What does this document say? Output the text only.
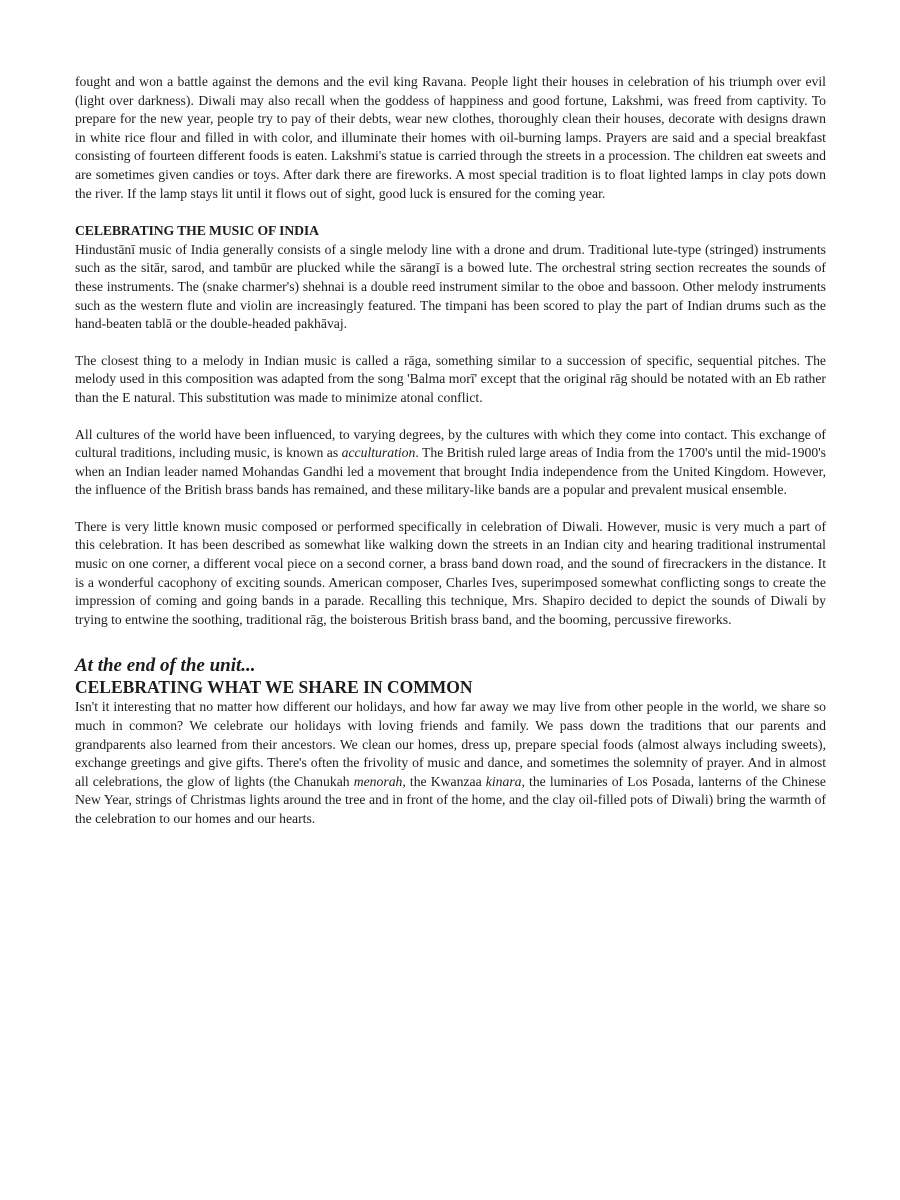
fought and won a battle against the demons and the evil king Ravana. People light their houses in celebration of his triumph over evil (light over darkness). Diwali may also recall when the goddess of happiness and good fortune, Lakshmi, was freed from captivity. To prepare for the new year, people try to pay of their debts, wear new clothes, thoroughly clean their houses, decorate with designs drawn in white rice flour and filled in with color, and illuminate their homes with oil-burning lamps. Prayers are said and a special breakfast consisting of fourteen different foods is eaten. Lakshmi's statue is carried through the streets in a procession. The children eat sweets and are sometimes given candies or toys. After dark there are fireworks. A most special tradition is to float lighted lamps in clay pots down the river. If the lamp stays lit until it flows out of sight, good luck is ensured for the coming year.

CELEBRATING THE MUSIC OF INDIA

Hindustānī music of India generally consists of a single melody line with a drone and drum. Traditional lute-type (stringed) instruments such as the sitār, sarod, and tambūr are plucked while the sārangī is a bowed lute. The orchestral string section recreates the sounds of these instruments. The (snake charmer's) shehnai is a double reed instrument similar to the oboe and bassoon. Other melody instruments such as the western flute and violin are increasingly featured. The timpani has been scored to play the part of Indian drums such as the hand-beaten tablā or the double-headed pakhāvaj.

The closest thing to a melody in Indian music is called a rāga, something similar to a succession of specific, sequential pitches. The melody used in this composition was adapted from the song 'Balma morī' except that the original rāg should be notated with an Eb rather than the E natural. This substitution was made to minimize atonal conflict.

All cultures of the world have been influenced, to varying degrees, by the cultures with which they come into contact. This exchange of cultural traditions, including music, is known as acculturation. The British ruled large areas of India from the 1700's until the mid-1900's when an Indian leader named Mohandas Gandhi led a movement that brought India independence from the United Kingdom. However, the influence of the British brass bands has remained, and these military-like bands are a popular and prevalent musical ensemble.

There is very little known music composed or performed specifically in celebration of Diwali. However, music is very much a part of this celebration. It has been described as somewhat like walking down the streets in an Indian city and hearing traditional instrumental music on one corner, a different vocal piece on a second corner, a brass band down road, and the sound of firecrackers in the distance. It is a wonderful cacophony of exciting sounds. American composer, Charles Ives, superimposed somewhat conflicting songs to create the impression of coming and going bands in a parade. Recalling this technique, Mrs. Shapiro decided to depict the sounds of Diwali by trying to entwine the soothing, traditional rāg, the boisterous British brass band, and the booming, percussive fireworks.

At the end of the unit...
CELEBRATING WHAT WE SHARE IN COMMON

Isn't it interesting that no matter how different our holidays, and how far away we may live from other people in the world, we share so much in common? We celebrate our holidays with loving friends and family. We pass down the traditions that our parents and grandparents also learned from their ancestors. We clean our homes, dress up, prepare special foods (almost always including sweets), exchange greetings and give gifts. There's often the frivolity of music and dance, and sometimes the solemnity of prayer. And in almost all celebrations, the glow of lights (the Chanukah menorah, the Kwanzaa kinara, the luminaries of Los Posada, lanterns of the Chinese New Year, strings of Christmas lights around the tree and in front of the home, and the clay oil-filled pots of Diwali) bring the warmth of the celebration to our homes and our hearts.
